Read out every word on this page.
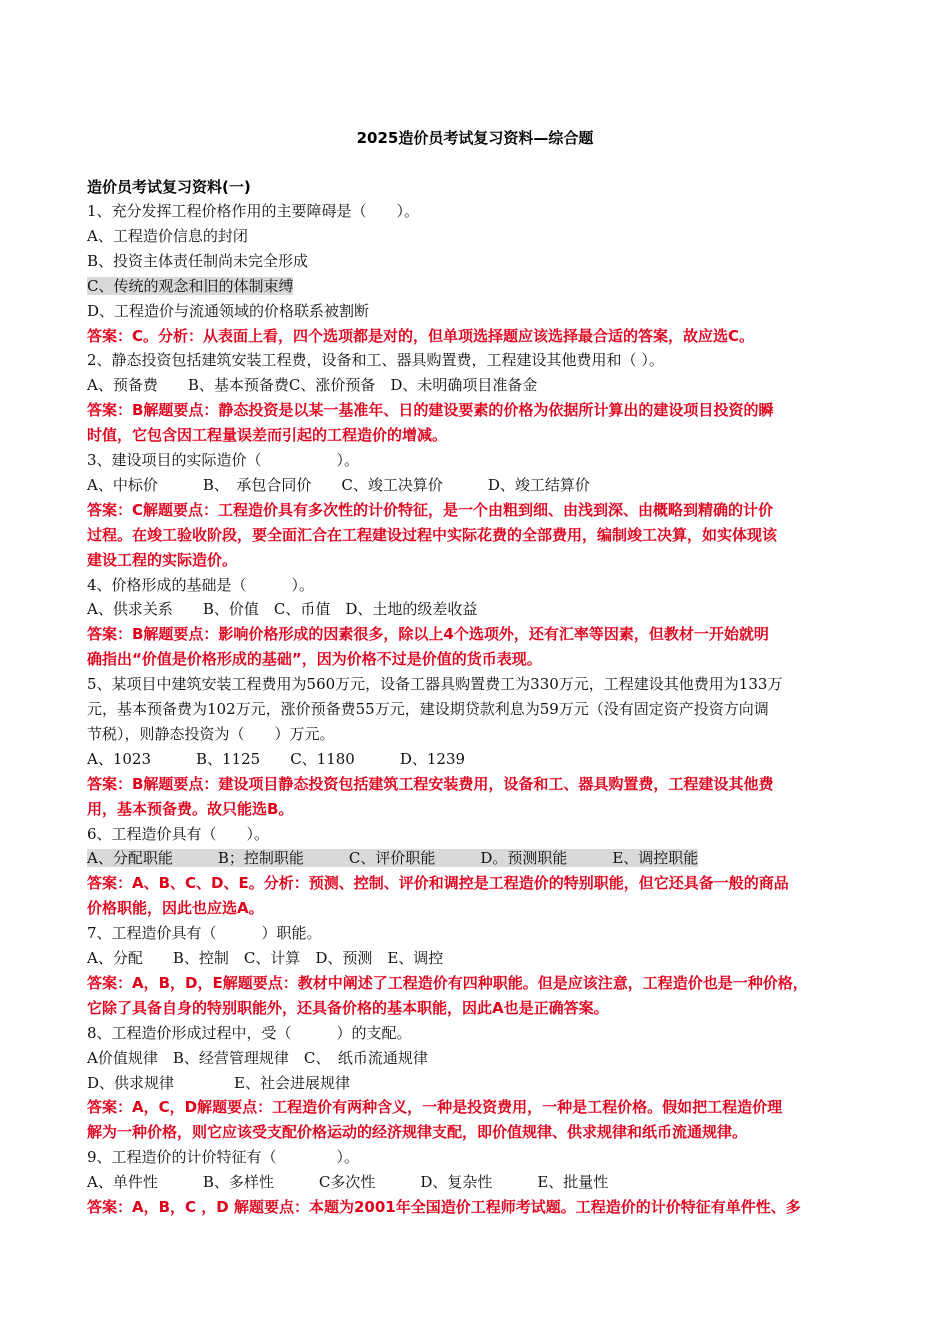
2025造价员考试复习资料—综合题
造价员考试复习资料(一)
1、充分发挥工程价格作用的主要障碍是（　　）。
A、工程造价信息的封闭
B、投资主体责任制尚未完全形成
C、传统的观念和旧的体制束缚
D、工程造价与流通领域的价格联系被割断
答案：C。分析：从表面上看，四个选项都是对的，但单项选择题应该选择最合适的答案，故应选C。
2、静态投资包括建筑安装工程费，设备和工、器具购置费，工程建设其他费用和（ ）。
A、预备费　　B、基本预备费C、涨价预备　D、未明确项目准备金
答案：B解题要点：静态投资是以某一基准年、日的建设要素的价格为依据所计算出的建设项目投资的瞬
时值，它包含因工程量误差而引起的工程造价的增减。
3、建设项目的实际造价（　　　　　）。
A、中标价　　　B、　承包合同价　　C、竣工决算价　　　D、竣工结算价
答案：C解题要点：工程造价具有多次性的计价特征，是一个由粗到细、由浅到深、由概略到精确的计价
过程。在竣工验收阶段，要全面汇合在工程建设过程中实际花费的全部费用，编制竣工决算，如实体现该
建设工程的实际造价。
4、价格形成的基础是（　　　）。
A、供求关系　　B、价值　C、币值　D、土地的级差收益
答案：B解题要点：影响价格形成的因素很多，除以上4个选项外，还有汇率等因素，但教材一开始就明
确指出“价值是价格形成的基础”，因为价格不过是价值的货币表现。
5、某项目中建筑安装工程费用为560万元，设备工器具购置费工为330万元，工程建设其他费用为133万
元，基本预备费为102万元，涨价预备费55万元，建设期贷款利息为59万元（没有固定资产投资方向调
节税），则静态投资为（　　）万元。
A、1023　　　B、1125　　C、1180　　　D、1239
答案：B解题要点：建设项目静态投资包括建筑工程安装费用，设备和工、器具购置费，工程建设其他费
用，基本预备费。故只能选B。
6、工程造价具有（　　）。
A、分配职能　　　B；控制职能　　　C、评价职能　　　D。预测职能　　　E、调控职能
答案：A、B、C、D、E。分析：预测、控制、评价和调控是工程造价的特别职能，但它还具备一般的商品
价格职能，因此也应选A。
7、工程造价具有（　　　）职能。
A、分配　　B、控制　C、计算　D、预测　E、调控
答案：A，B，D，E解题要点：教材中阐述了工程造价有四种职能。但是应该注意，工程造价也是一种价格，
它除了具备自身的特别职能外，还具备价格的基本职能，因此A也是正确答案。
8、工程造价形成过程中，受（　　　）的支配。
A价值规律　B、经营管理规律　C、　纸币流通规律
D、供求规律　　　　E、社会进展规律
答案：A，C，D解题要点：工程造价有两种含义，一种是投资费用，一种是工程价格。假如把工程造价理
解为一种价格，则它应该受支配价格运动的经济规律支配，即价值规律、供求规律和纸币流通规律。
9、工程造价的计价特征有（　　　　）。
A、单件性　　　B、多样性　　　C多次性　　　D、复杂性　　　E、批量性
答案：A，B，C ，D 解题要点：本题为2001年全国造价工程师考试题。工程造价的计价特征有单件性、多
